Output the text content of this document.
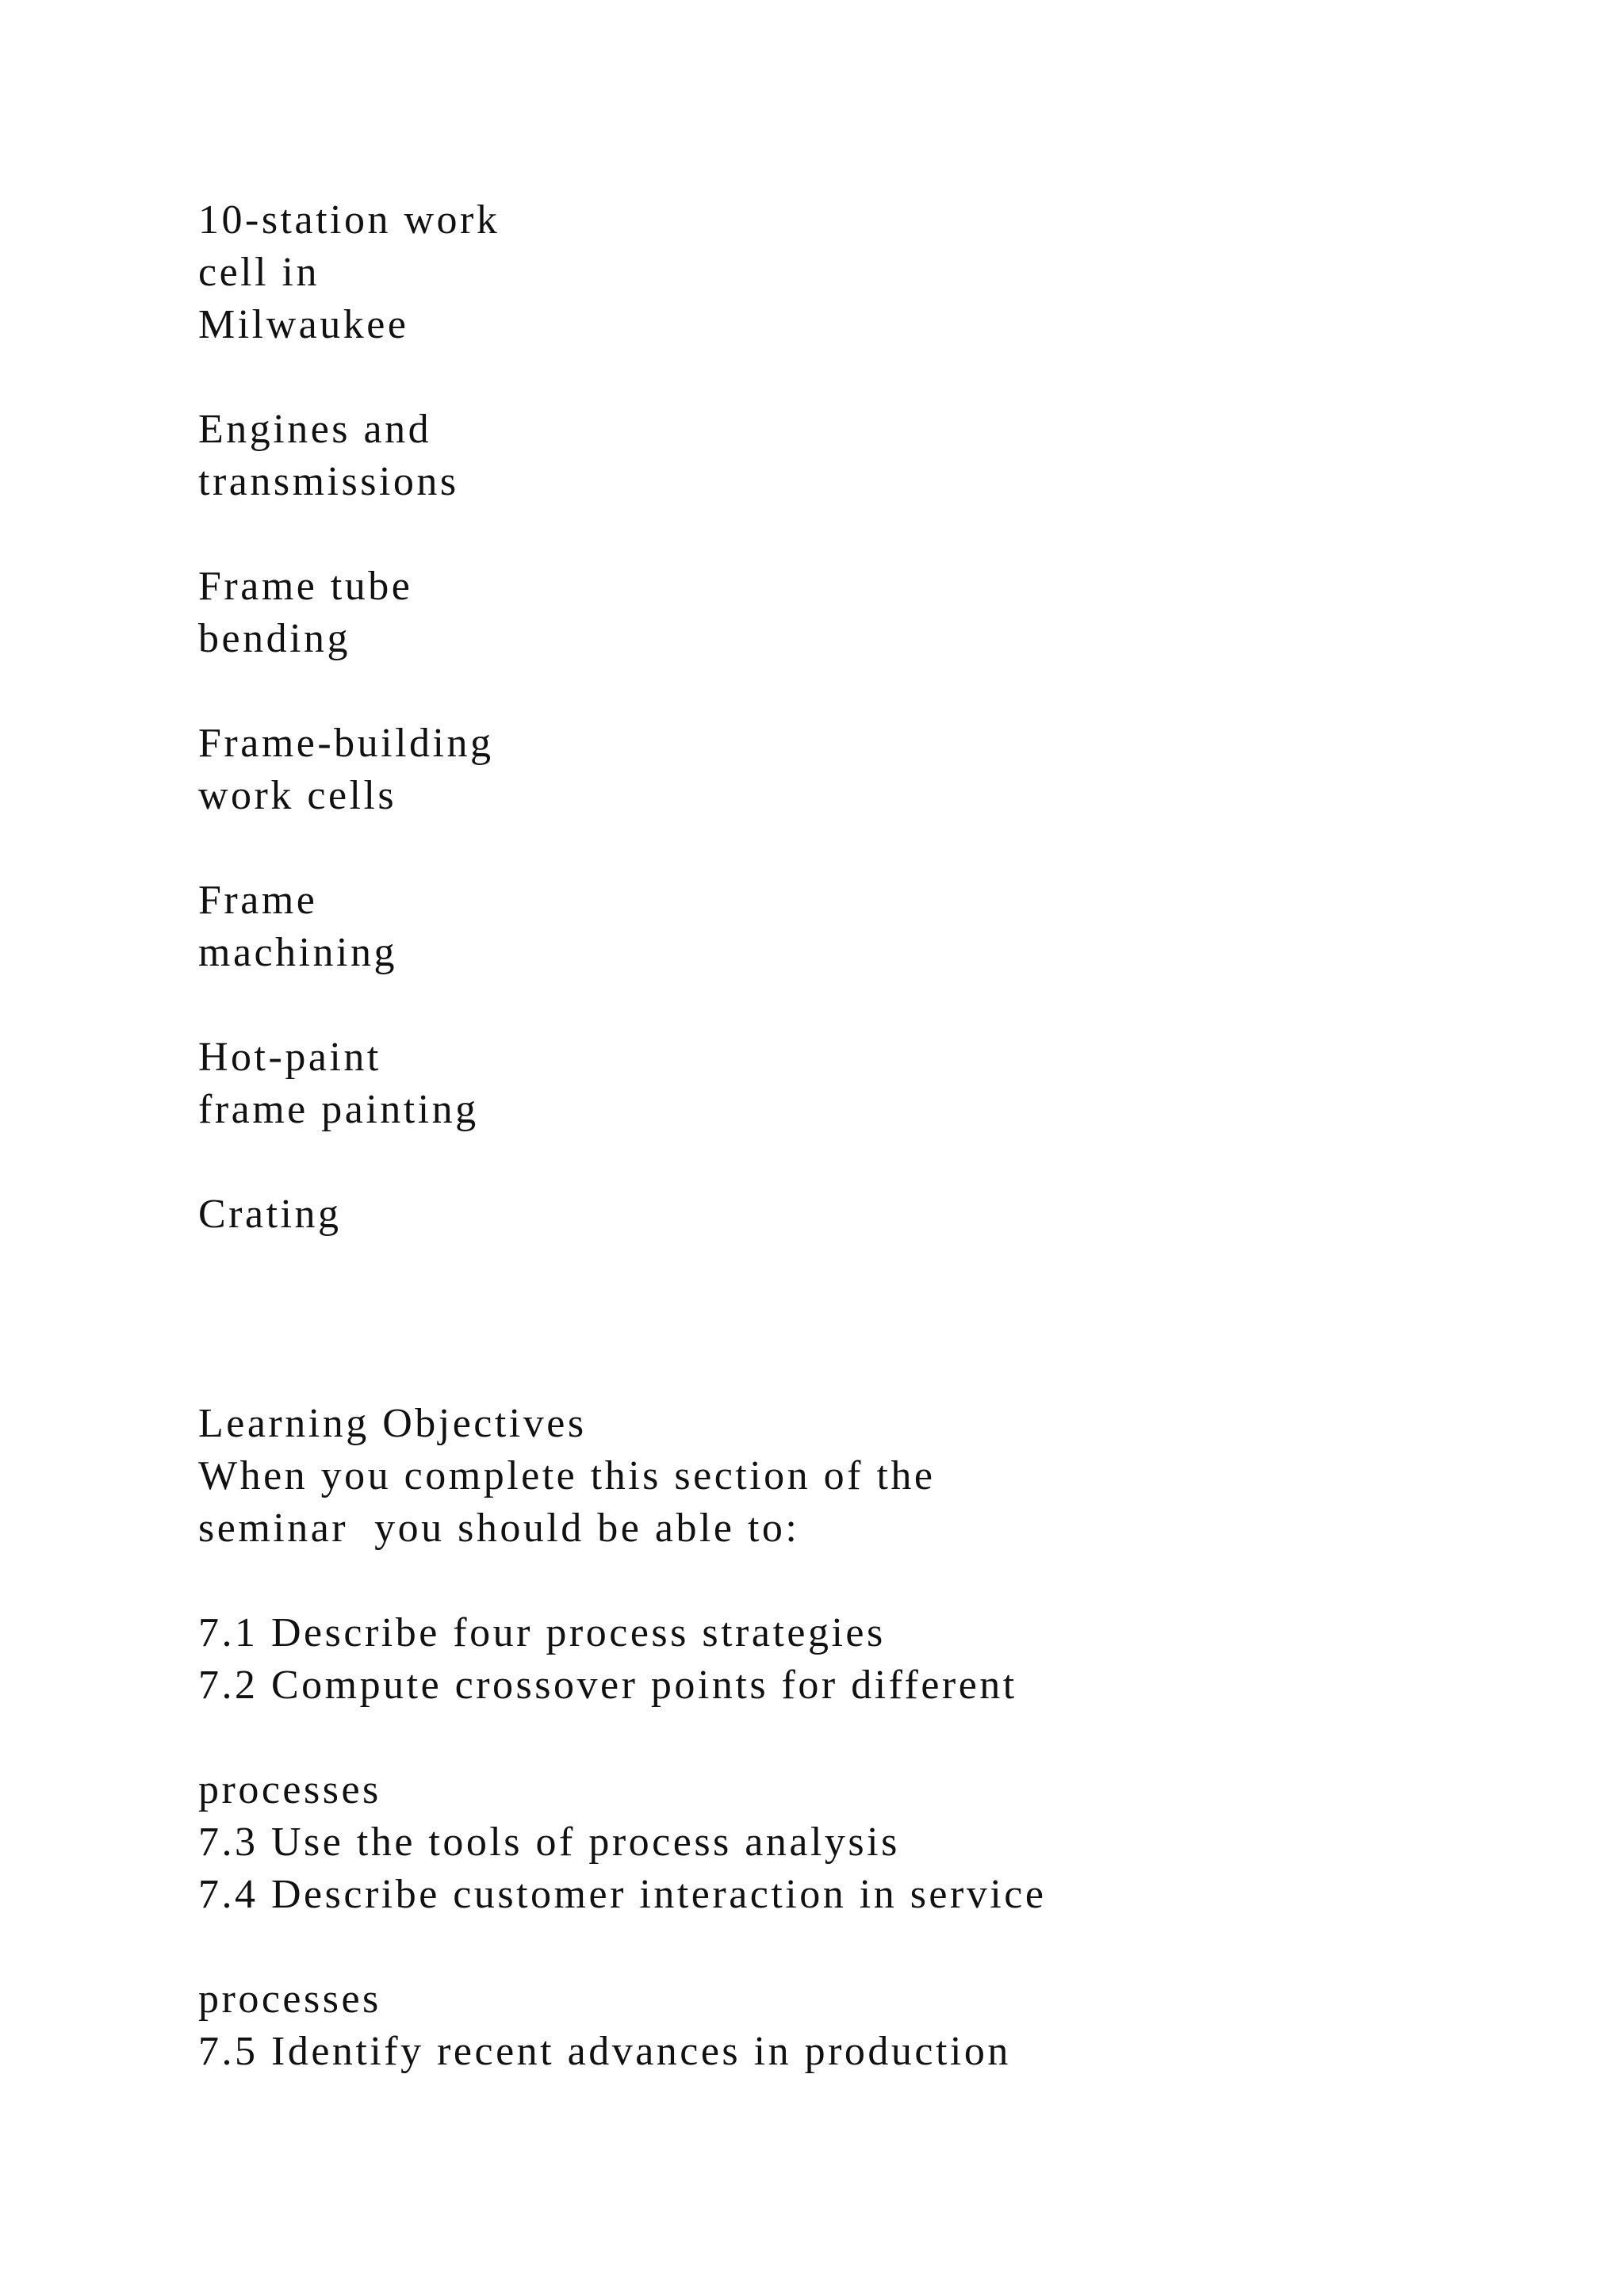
10-station work
cell in
Milwaukee
Engines and
transmissions
Frame tube
bending
Frame-building
work cells
Frame
machining
Hot-paint
frame painting
Crating
Learning Objectives
When you complete this section of the
seminar  you should be able to:
7.1 Describe four process strategies
7.2 Compute crossover points for different
processes
7.3 Use the tools of process analysis
7.4 Describe customer interaction in service
processes
7.5 Identify recent advances in production
